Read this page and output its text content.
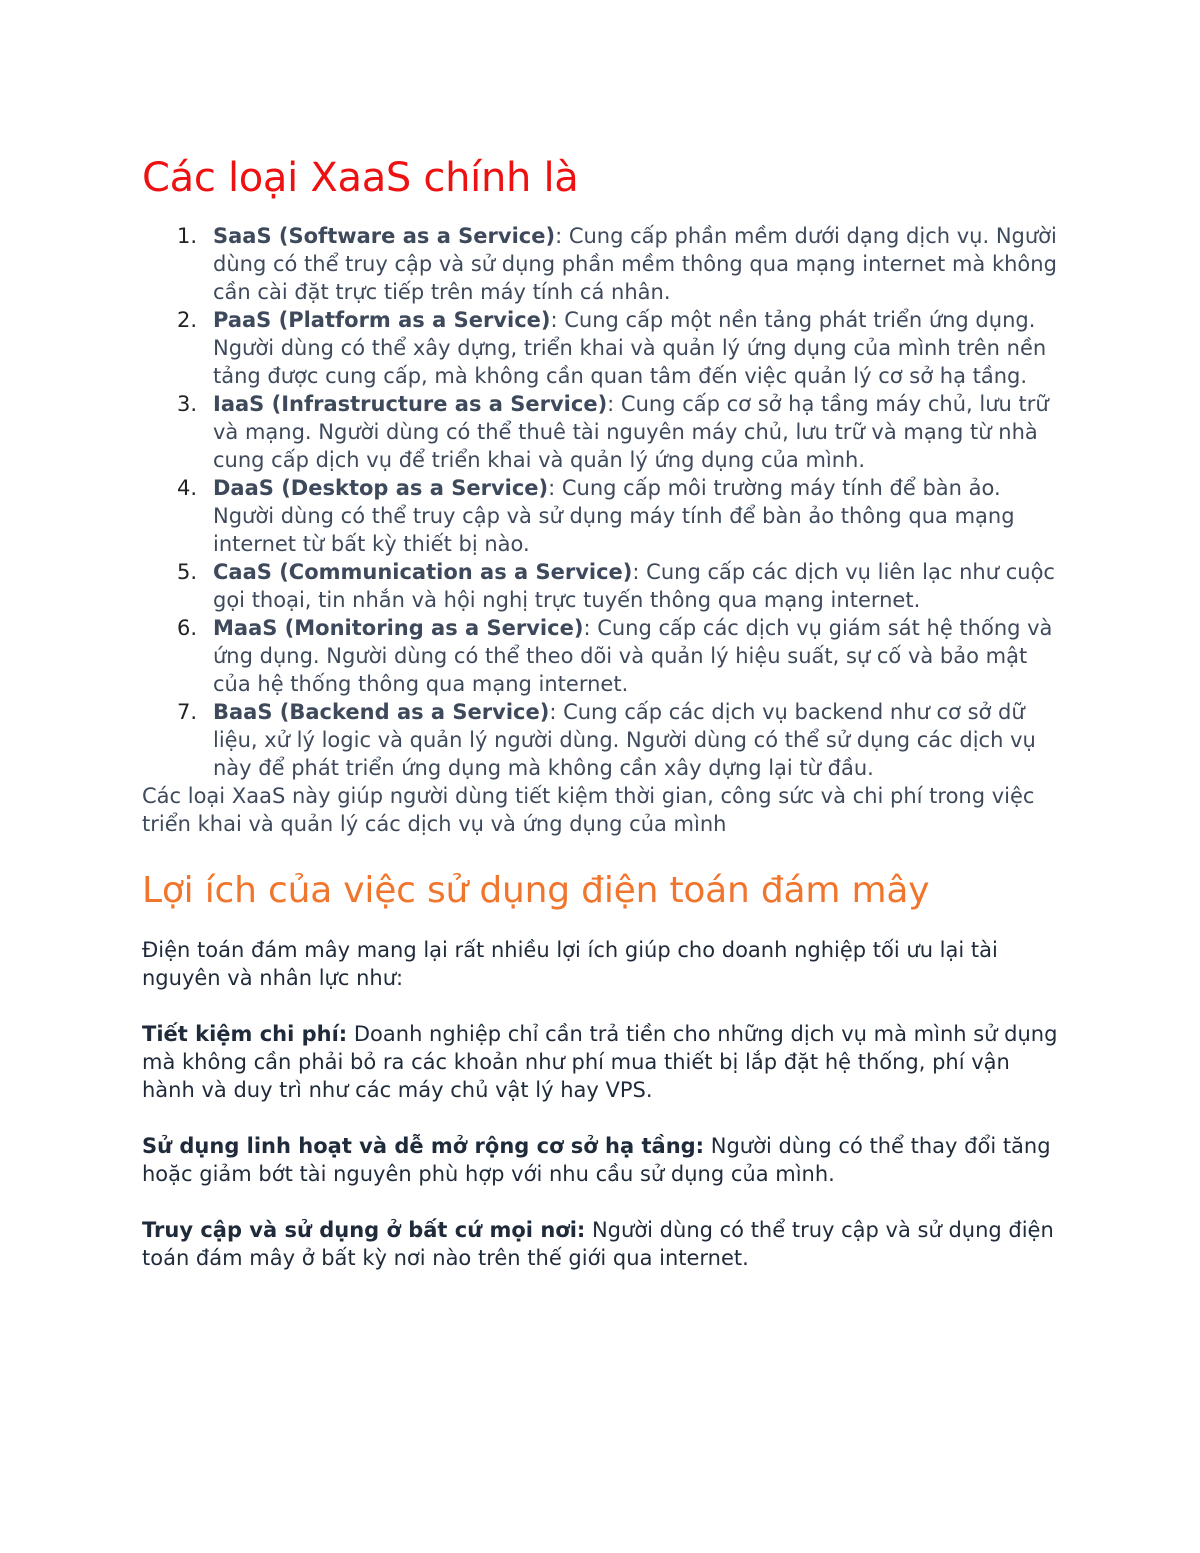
Các loại XaaS chính là
1. SaaS (Software as a Service): Cung cấp phần mềm dưới dạng dịch vụ. Người dùng có thể truy cập và sử dụng phần mềm thông qua mạng internet mà không cần cài đặt trực tiếp trên máy tính cá nhân.
2. PaaS (Platform as a Service): Cung cấp một nền tảng phát triển ứng dụng. Người dùng có thể xây dựng, triển khai và quản lý ứng dụng của mình trên nền tảng được cung cấp, mà không cần quan tâm đến việc quản lý cơ sở hạ tầng.
3. IaaS (Infrastructure as a Service): Cung cấp cơ sở hạ tầng máy chủ, lưu trữ và mạng. Người dùng có thể thuê tài nguyên máy chủ, lưu trữ và mạng từ nhà cung cấp dịch vụ để triển khai và quản lý ứng dụng của mình.
4. DaaS (Desktop as a Service): Cung cấp môi trường máy tính để bàn ảo. Người dùng có thể truy cập và sử dụng máy tính để bàn ảo thông qua mạng internet từ bất kỳ thiết bị nào.
5. CaaS (Communication as a Service): Cung cấp các dịch vụ liên lạc như cuộc gọi thoại, tin nhắn và hội nghị trực tuyến thông qua mạng internet.
6. MaaS (Monitoring as a Service): Cung cấp các dịch vụ giám sát hệ thống và ứng dụng. Người dùng có thể theo dõi và quản lý hiệu suất, sự cố và bảo mật của hệ thống thông qua mạng internet.
7. BaaS (Backend as a Service): Cung cấp các dịch vụ backend như cơ sở dữ liệu, xử lý logic và quản lý người dùng. Người dùng có thể sử dụng các dịch vụ này để phát triển ứng dụng mà không cần xây dựng lại từ đầu.

Các loại XaaS này giúp người dùng tiết kiệm thời gian, công sức và chi phí trong việc triển khai và quản lý các dịch vụ và ứng dụng của mình

Lợi ích của việc sử dụng điện toán đám mây

Điện toán đám mây mang lại rất nhiều lợi ích giúp cho doanh nghiệp tối ưu lại tài nguyên và nhân lực như:

Tiết kiệm chi phí: Doanh nghiệp chỉ cần trả tiền cho những dịch vụ mà mình sử dụng mà không cần phải bỏ ra các khoản như phí mua thiết bị lắp đặt hệ thống, phí vận hành và duy trì như các máy chủ vật lý hay VPS.

Sử dụng linh hoạt và dễ mở rộng cơ sở hạ tầng: Người dùng có thể thay đổi tăng hoặc giảm bớt tài nguyên phù hợp với nhu cầu sử dụng của mình.

Truy cập và sử dụng ở bất cứ mọi nơi: Người dùng có thể truy cập và sử dụng điện toán đám mây ở bất kỳ nơi nào trên thế giới qua internet.
